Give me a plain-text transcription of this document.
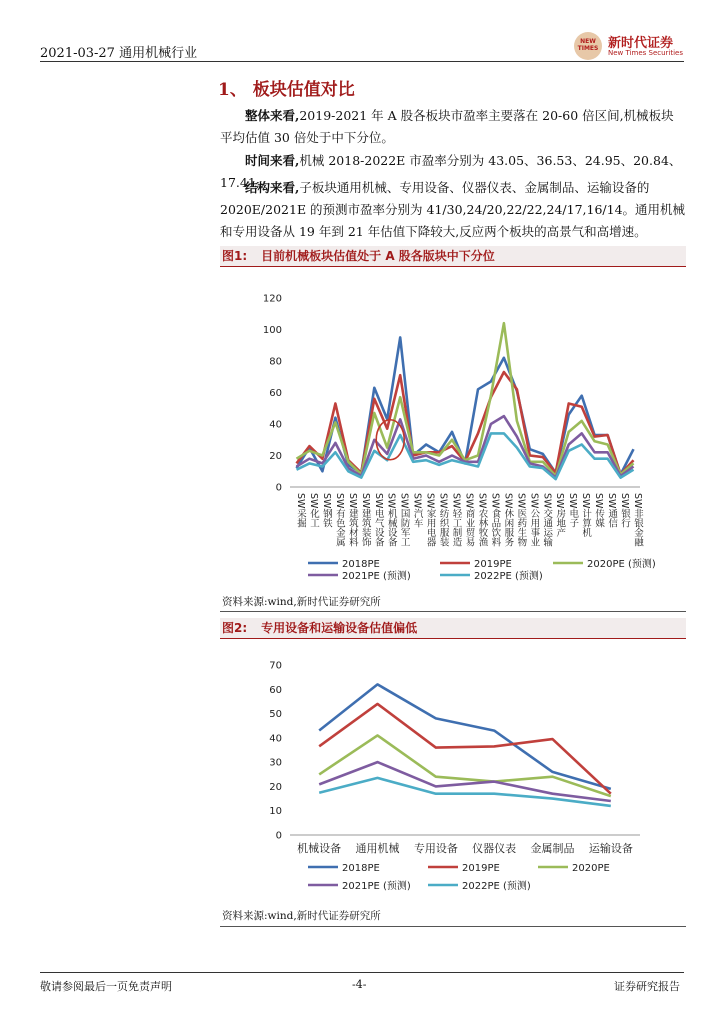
2021-03-27 通用机械行业
NEW TIMES 新时代证券
New Times Securities
1、 板块估值对比
整体来看,2019-2021 年 A 股各板块市盈率主要落在 20-60 倍区间,机械板块平均估值 30 倍处于中下分位。
时间来看,机械 2018-2022E 市盈率分别为 43.05、36.53、24.95、20.84、17.41;
结构来看,子板块通用机械、专用设备、仪器仪表、金属制品、运输设备的 2020E/2021E 的预测市盈率分别为 41/30,24/20,22/22,24/17,16/14。通用机械和专用设备从 19 年到 21 年估值下降较大,反应两个板块的高景气和高增速。
图1: 目前机械板块估值处于 A 股各版块中下分位
0
20
40
60
80
100
120
SW采掘 SW化工 SW钢铁 SW有色金属 SW建筑材料 SW建筑装饰 SW电气设备 SW机械设备 SW国防军工 SW汽车 SW家用电器 SW纺织服装 SW轻工制造 SW商业贸易 SW农林牧渔 SW食品饮料 SW休闲服务 SW医药生物 SW公用事业 SW交通运输 SW房地产 SW电子 SW计算机 SW传媒 SW通信 SW银行 SW非银金融
2018PE	2019PE	2020PE (预测)
2021PE (预测)	2022PE (预测)
资料来源:wind,新时代证券研究所
图2: 专用设备和运输设备估值偏低
0
10
20
30
40
50
60
70
机械设备 通用机械 专用设备 仪器仪表 金属制品 运输设备
2018PE	2019PE	2020PE
2021PE (预测)	2022PE (预测)
资料来源:wind,新时代证券研究所
敬请参阅最后一页免责声明	-4-	证券研究报告
